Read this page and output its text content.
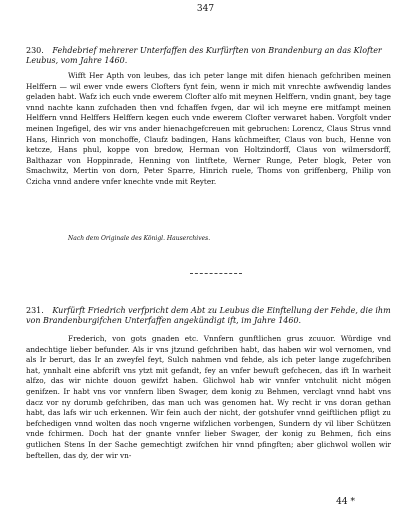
347
230. Fehdebrief mehrerer Unterfaffen des Kurfürften von Brandenburg an das Klofter Leubus, vom Jahre 1460.

Wifft Her Apth von leubes, das ich peter lange mit difen hienach gefchriben meinen Helffern — wil ewer vnde ewers Clofters fynt fein, wenn ir mich mit vnrechte awfwendig landes geladen habt. Wafz ich euch vnde ewerem Clofter alfo mit meynen Helffern, vndin gnant, bey tage vnnd nachte kann zufchaden then vnd fchaffen fvgen, dar wil ich meyne ere mitfampt meinen Helffern vnnd Helffers Helffern kegen euch vnde ewerem Clofter verwaret haben. Vorgfolt vnder meinen Ingefigel, des wir vns ander hienachgefcreuen mit gebruchen: Lorencz, Claus Strus vnnd Hans, Hinrich von monchoffe, Claufz badingen, Hans kûchmeifter, Claus von buch, Henne von ketcze, Hans phul, koppe von bredow, Herman von Holtzindorff, Claus von wilmersdorff, Balthazar von Hoppinrade, Henning von lintftete, Werner Runge, Peter blogk, Peter von Smachwitz, Mertin von dorn, Peter Sparre, Hinrich ruele, Thoms von griffenberg, Philip von Czicha vnnd andere vnfer knechte vnde mit Reyter.

Nach dem Originale des Königl. Hauserchives.
231. Kurfürft Friedrich verfpricht dem Abt zu Leubus die Einftellung der Fehde, die ihm von Brandenburgifchen Unterfaffen angekündigt ift, im Jahre 1460.

Frederich, von gots gnaden etc. Vnnfern gunftlichen grus zcuuor. Würdige vnd andechtige lieber befunder. Als ir vns jtzund gefchriben habt, das haben wir wol vernomen, vnd als Ir berurt, das Ir an zweyfel feyt, Sulch nahmen vnd fehde, als ich peter lange zugefchriben hat, ynnhalt eine abfcrift vns ytzt mit gefandt, fey an vnfer bewuft gefchecen, das ift In warheit alfzo, das wir nichte douon gewifzt haben. Glichwol hab wir vnnfer vntchulit nicht mögen genifzen. Ir habt vns vor vnnfern liben Swager, dem konig zu Behmen, verclagt vnnd habt vns dacz vor ny dorumb gefchriben, das man uch was genomen hat. Wy recht ir vns doran gethan habt, das lafs wir uch erkennen. Wir fein auch der nicht, der gotshufer vnnd geiftlichen pfligt zu befchedigen vnnd wolten das noch vngerne wifzlichen vorbengen, Sundern dy vil liber Schützen vnde fchirmen. Doch hat der gnante vnnfer lieber Swager, der konig zu Behmen, fich eins gutlichen Stens In der Sache gemechtigt zwifchen hir vnnd pfingften; aber glichwol wollen wir beftellen, das dy, der wir vn-

44 *
